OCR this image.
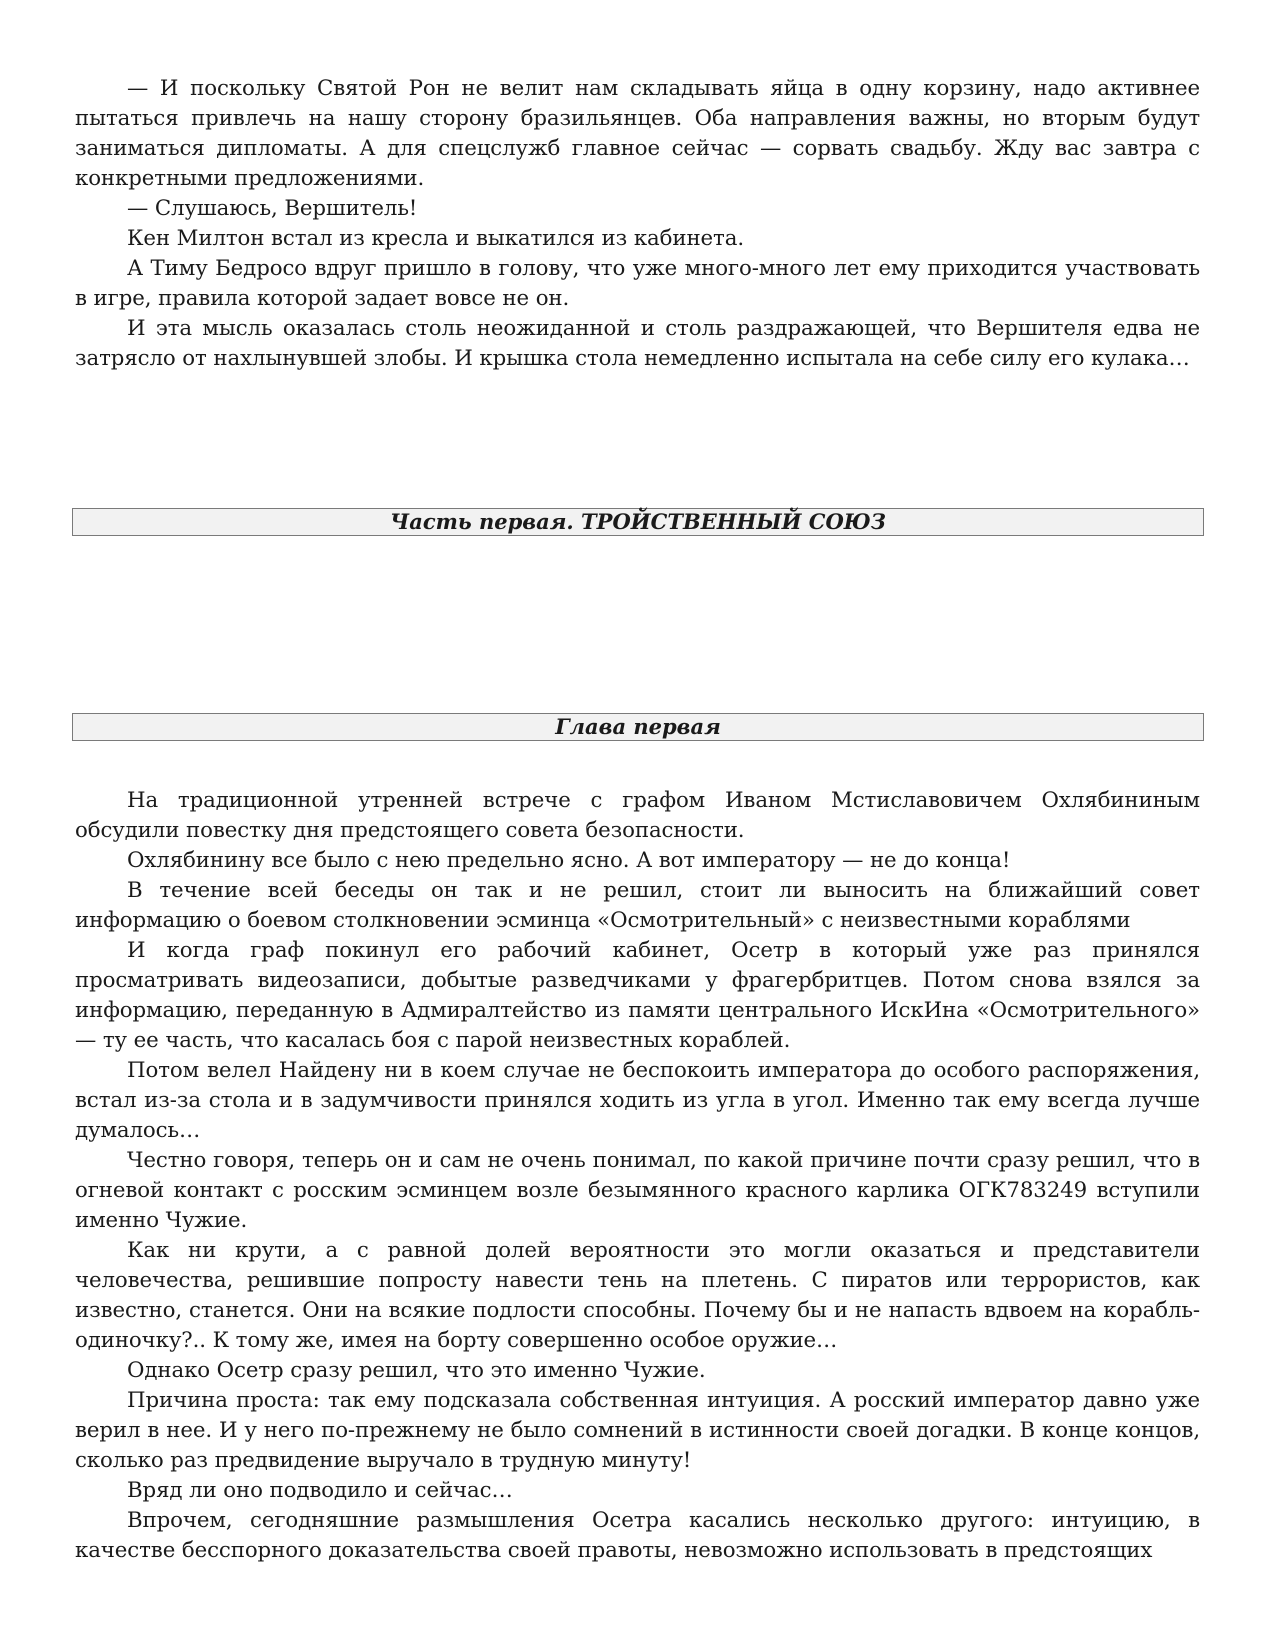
— И поскольку Святой Рон не велит нам складывать яйца в одну корзину, надо активнее пытаться привлечь на нашу сторону бразильянцев. Оба направления важны, но вторым будут заниматься дипломаты. А для спецслужб главное сейчас — сорвать свадьбу. Жду вас завтра с конкретными предложениями.

— Слушаюсь, Вершитель!

Кен Милтон встал из кресла и выкатился из кабинета.

А Тиму Бедросо вдруг пришло в голову, что уже много-много лет ему приходится участвовать в игре, правила которой задает вовсе не он.

И эта мысль оказалась столь неожиданной и столь раздражающей, что Вершителя едва не затрясло от нахлынувшей злобы. И крышка стола немедленно испытала на себе силу его кулака…

Часть первая. ТРОЙСТВЕННЫЙ СОЮЗ
Глава первая

На традиционной утренней встрече с графом Иваном Мстиславовичем Охлябининым обсудили повестку дня предстоящего совета безопасности.

Охлябинину все было с нею предельно ясно. А вот императору — не до конца!

В течение всей беседы он так и не решил, стоит ли выносить на ближайший совет информацию о боевом столкновении эсминца «Осмотрительный» с неизвестными кораблями

И когда граф покинул его рабочий кабинет, Осетр в который уже раз принялся просматривать видеозаписи, добытые разведчиками у фрагербритцев. Потом снова взялся за информацию, переданную в Адмиралтейство из памяти центрального ИскИна «Осмотрительного» — ту ее часть, что касалась боя с парой неизвестных кораблей.

Потом велел Найдену ни в коем случае не беспокоить императора до особого распоряжения, встал из-за стола и в задумчивости принялся ходить из угла в угол. Именно так ему всегда лучше думалось…

Честно говоря, теперь он и сам не очень понимал, по какой причине почти сразу решил, что в огневой контакт с росским эсминцем возле безымянного красного карлика ОГК783249 вступили именно Чужие.

Как ни крути, а с равной долей вероятности это могли оказаться и представители человечества, решившие попросту навести тень на плетень. С пиратов или террористов, как известно, станется. Они на всякие подлости способны. Почему бы и не напасть вдвоем на корабль-одиночку?.. К тому же, имея на борту совершенно особое оружие…

Однако Осетр сразу решил, что это именно Чужие.

Причина проста: так ему подсказала собственная интуиция. А росский император давно уже верил в нее. И у него по-прежнему не было сомнений в истинности своей догадки. В конце концов, сколько раз предвидение выручало в трудную минуту!

Вряд ли оно подводило и сейчас…

Впрочем, сегодняшние размышления Осетра касались несколько другого: интуицию, в качестве бесспорного доказательства своей правоты, невозможно использовать в предстоящих
